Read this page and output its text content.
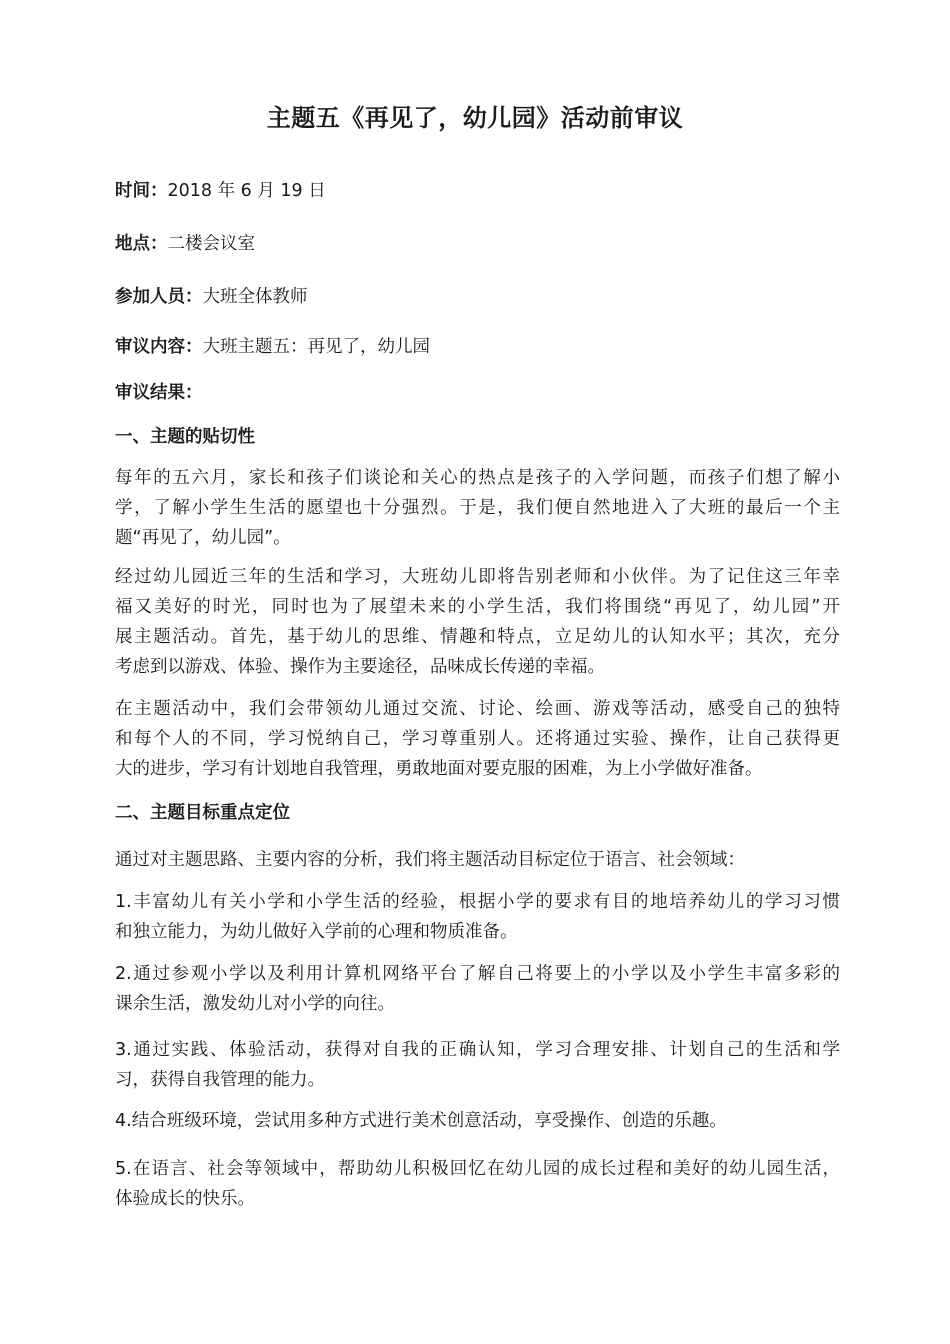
主题五《再见了，幼儿园》活动前审议
时间：2018 年 6 月 19 日
地点：二楼会议室
参加人员：大班全体教师
审议内容：大班主题五：再见了，幼儿园
审议结果：
一、主题的贴切性
每年的五六月，家长和孩子们谈论和关心的热点是孩子的入学问题，而孩子们想了解小
学，了解小学生生活的愿望也十分强烈。于是，我们便自然地进入了大班的最后一个主
题“再见了，幼儿园”。
经过幼儿园近三年的生活和学习，大班幼儿即将告别老师和小伙伴。为了记住这三年幸
福又美好的时光，同时也为了展望未来的小学生活，我们将围绕“再见了，幼儿园”开
展主题活动。首先，基于幼儿的思维、情趣和特点，立足幼儿的认知水平；其次，充分
考虑到以游戏、体验、操作为主要途径，品味成长传递的幸福。
在主题活动中，我们会带领幼儿通过交流、讨论、绘画、游戏等活动，感受自己的独特
和每个人的不同，学习悦纳自己，学习尊重别人。还将通过实验、操作，让自己获得更
大的进步，学习有计划地自我管理，勇敢地面对要克服的困难，为上小学做好准备。
二、主题目标重点定位
通过对主题思路、主要内容的分析，我们将主题活动目标定位于语言、社会领域：
1.丰富幼儿有关小学和小学生活的经验，根据小学的要求有目的地培养幼儿的学习习惯
和独立能力，为幼儿做好入学前的心理和物质准备。
2.通过参观小学以及利用计算机网络平台了解自己将要上的小学以及小学生丰富多彩的
课余生活，激发幼儿对小学的向往。
3.通过实践、体验活动，获得对自我的正确认知，学习合理安排、计划自己的生活和学
习，获得自我管理的能力。
4.结合班级环境，尝试用多种方式进行美术创意活动，享受操作、创造的乐趣。
5.在语言、社会等领域中，帮助幼儿积极回忆在幼儿园的成长过程和美好的幼儿园生活，
体验成长的快乐。
